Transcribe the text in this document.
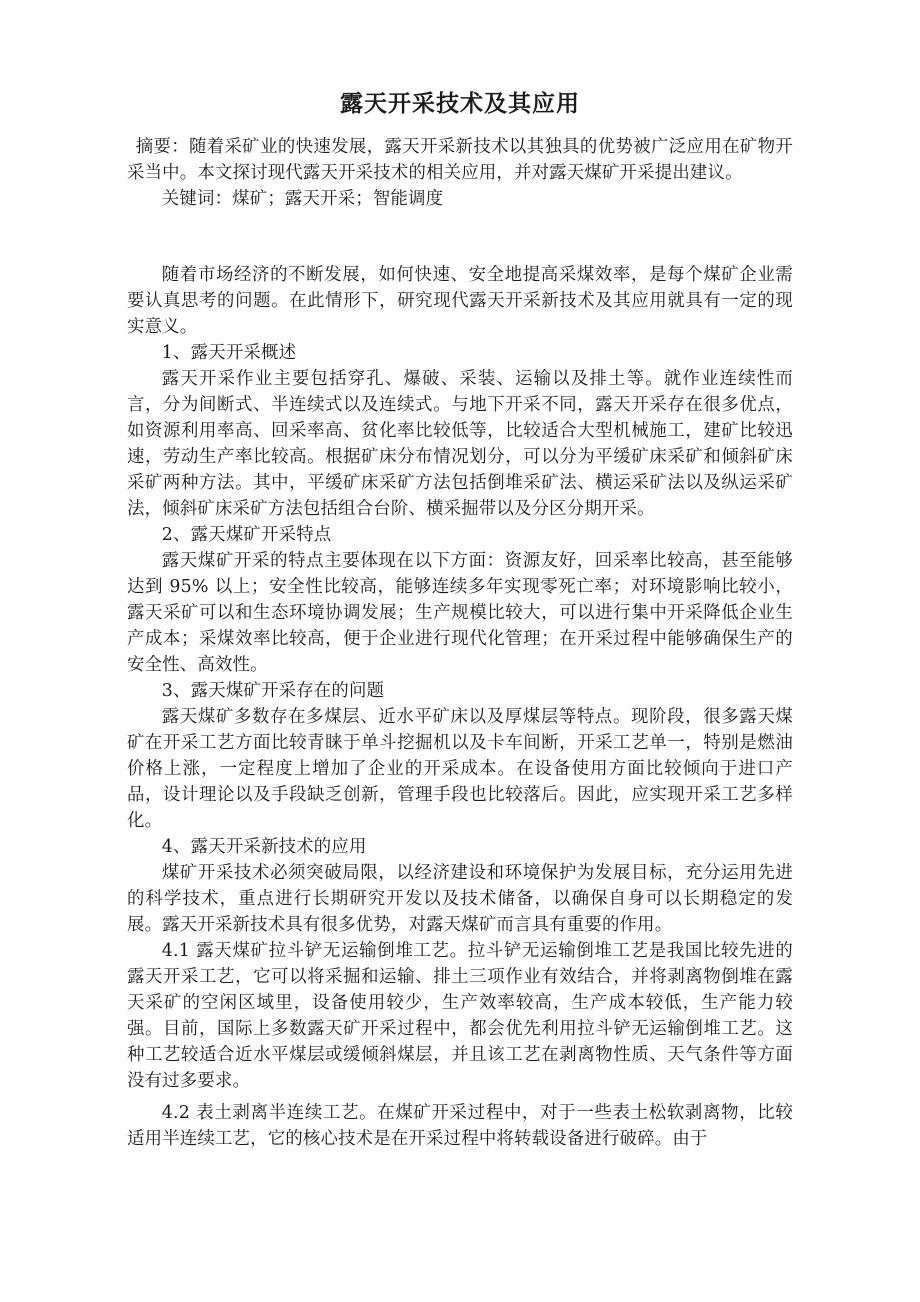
露天开采技术及其应用

摘要：随着采矿业的快速发展，露天开采新技术以其独具的优势被广泛应用在矿物开采当中。本文探讨现代露天开采技术的相关应用，并对露天煤矿开采提出建议。

关键词：煤矿；露天开采；智能调度

随着市场经济的不断发展，如何快速、安全地提高采煤效率，是每个煤矿企业需要认真思考的问题。在此情形下，研究现代露天开采新技术及其应用就具有一定的现实意义。

1、露天开采概述

露天开采作业主要包括穿孔、爆破、采装、运输以及排土等。就作业连续性而言，分为间断式、半连续式以及连续式。与地下开采不同，露天开采存在很多优点，如资源利用率高、回采率高、贫化率比较低等，比较适合大型机械施工，建矿比较迅速，劳动生产率比较高。根据矿床分布情况划分，可以分为平缓矿床采矿和倾斜矿床采矿两种方法。其中，平缓矿床采矿方法包括倒堆采矿法、横运采矿法以及纵运采矿法，倾斜矿床采矿方法包括组合台阶、横采掘带以及分区分期开采。

2、露天煤矿开采特点

露天煤矿开采的特点主要体现在以下方面：资源友好，回采率比较高，甚至能够达到 95% 以上；安全性比较高，能够连续多年实现零死亡率；对环境影响比较小，露天采矿可以和生态环境协调发展；生产规模比较大，可以进行集中开采降低企业生产成本；采煤效率比较高，便于企业进行现代化管理；在开采过程中能够确保生产的安全性、高效性。

3、露天煤矿开采存在的问题

露天煤矿多数存在多煤层、近水平矿床以及厚煤层等特点。现阶段，很多露天煤矿在开采工艺方面比较青睐于单斗挖掘机以及卡车间断，开采工艺单一，特别是燃油价格上涨，一定程度上增加了企业的开采成本。在设备使用方面比较倾向于进口产品，设计理论以及手段缺乏创新，管理手段也比较落后。因此，应实现开采工艺多样化。

4、露天开采新技术的应用

煤矿开采技术必须突破局限，以经济建设和环境保护为发展目标，充分运用先进的科学技术，重点进行长期研究开发以及技术储备，以确保自身可以长期稳定的发展。露天开采新技术具有很多优势，对露天煤矿而言具有重要的作用。

4.1 露天煤矿拉斗铲无运输倒堆工艺。拉斗铲无运输倒堆工艺是我国比较先进的露天开采工艺，它可以将采掘和运输、排土三项作业有效结合，并将剥离物倒堆在露天采矿的空闲区域里，设备使用较少，生产效率较高，生产成本较低，生产能力较强。目前，国际上多数露天矿开采过程中，都会优先利用拉斗铲无运输倒堆工艺。这种工艺较适合近水平煤层或缓倾斜煤层，并且该工艺在剥离物性质、天气条件等方面没有过多要求。

4.2 表土剥离半连续工艺。在煤矿开采过程中，对于一些表土松软剥离物，比较适用半连续工艺，它的核心技术是在开采过程中将转载设备进行破碎。由于
